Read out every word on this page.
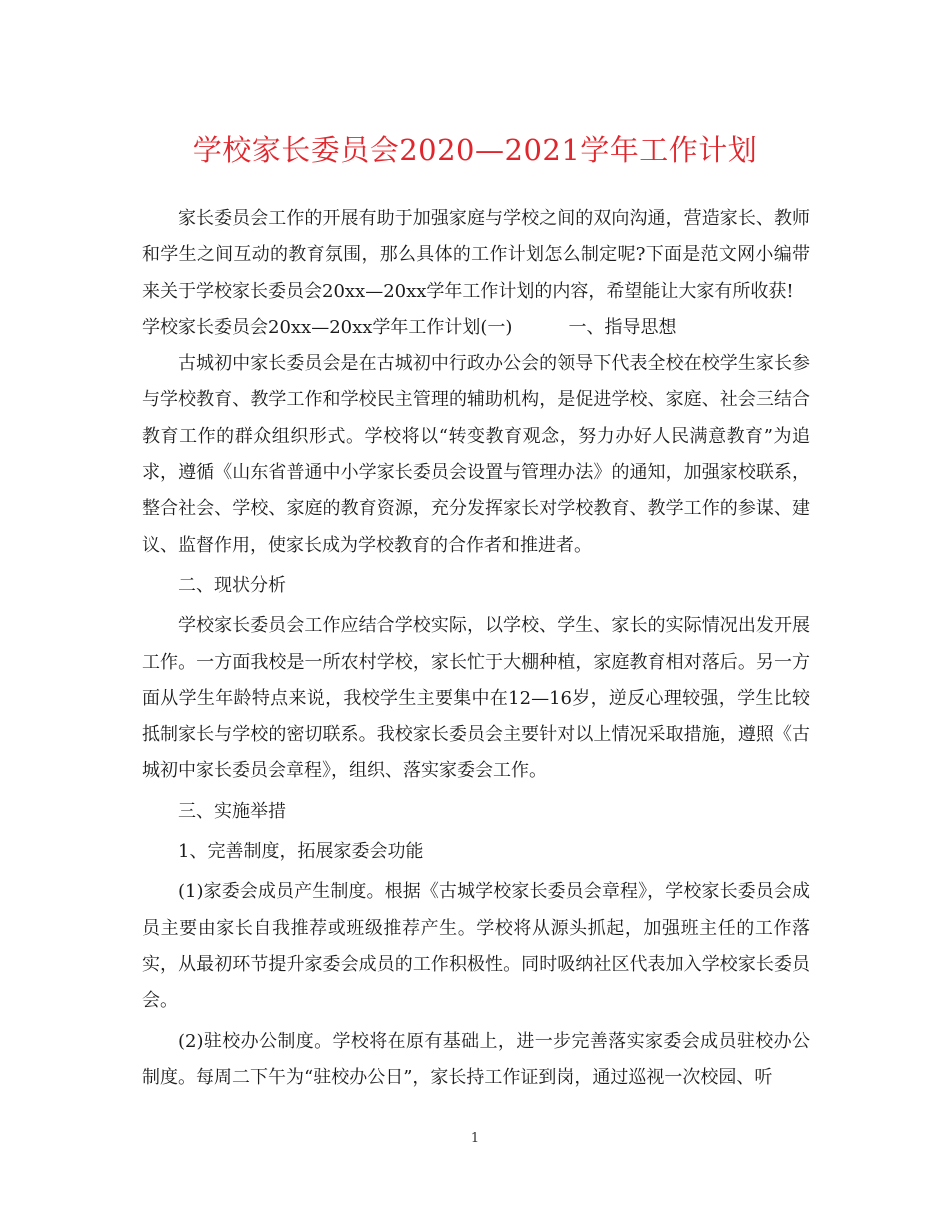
学校家长委员会2020—2021学年工作计划

家长委员会工作的开展有助于加强家庭与学校之间的双向沟通，营造家长、教师和学生之间互动的教育氛围，那么具体的工作计划怎么制定呢?下面是范文网小编带来关于学校家长委员会20xx—20xx学年工作计划的内容，希望能让大家有所收获!

学校家长委员会20xx—20xx学年工作计划(一)	一、指导思想

古城初中家长委员会是在古城初中行政办公会的领导下代表全校在校学生家长参与学校教育、教学工作和学校民主管理的辅助机构，是促进学校、家庭、社会三结合教育工作的群众组织形式。学校将以“转变教育观念，努力办好人民满意教育”为追求，遵循《山东省普通中小学家长委员会设置与管理办法》的通知，加强家校联系，整合社会、学校、家庭的教育资源，充分发挥家长对学校教育、教学工作的参谋、建议、监督作用，使家长成为学校教育的合作者和推进者。

二、现状分析

学校家长委员会工作应结合学校实际，以学校、学生、家长的实际情况出发开展工作。一方面我校是一所农村学校，家长忙于大棚种植，家庭教育相对落后。另一方面从学生年龄特点来说，我校学生主要集中在12—16岁，逆反心理较强，学生比较抵制家长与学校的密切联系。我校家长委员会主要针对以上情况采取措施，遵照《古城初中家长委员会章程》，组织、落实家委会工作。

三、实施举措

1、完善制度，拓展家委会功能

(1)家委会成员产生制度。根据《古城学校家长委员会章程》，学校家长委员会成员主要由家长自我推荐或班级推荐产生。学校将从源头抓起，加强班主任的工作落实，从最初环节提升家委会成员的工作积极性。同时吸纳社区代表加入学校家长委员会。

(2)驻校办公制度。学校将在原有基础上，进一步完善落实家委会成员驻校办公制度。每周二下午为“驻校办公日”，家长持工作证到岗，通过巡视一次校园、听

1
